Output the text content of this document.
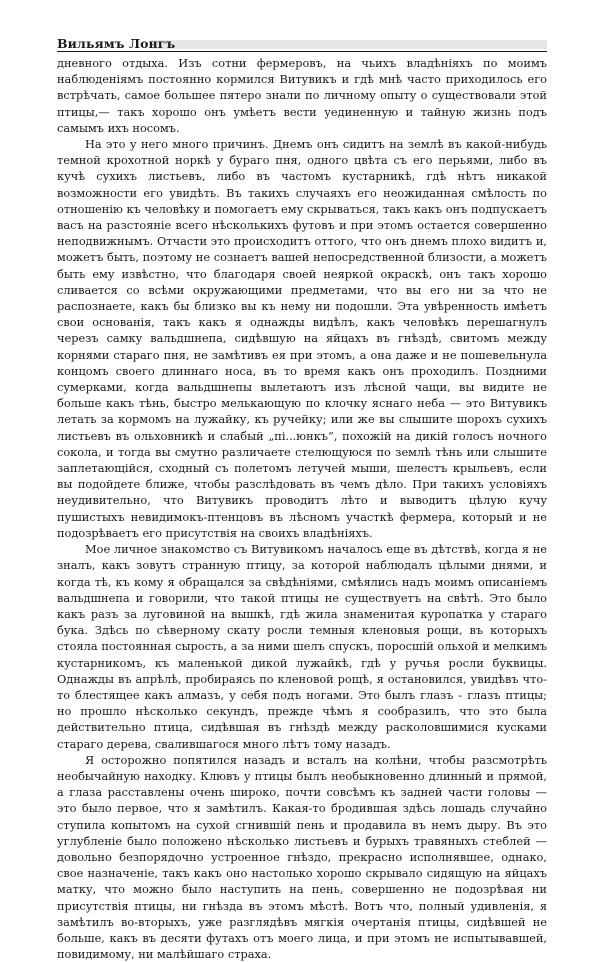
Вильямъ Лонгъ

дневного отдыха. Изъ сотни фермеровъ, на чьихъ владѣніяхъ по моимъ наблюденіямъ постоянно кормился Витувикъ и гдѣ мнѣ часто приходилось его встрѣчать, самое большее пятеро знали по личному опыту о существовали этой птицы,— такъ хорошо онъ умѣетъ вести уединенную и тайную жизнь подъ самымъ ихъ носомъ.

На это у него много причинъ. Днемъ онъ сидитъ на землѣ въ какой-нибудь темной крохотной норкѣ у бураго пня, одного цвѣта съ его перьями, либо въ кучѣ сухихъ листьевъ, либо въ частомъ кустарникѣ, гдѣ нѣтъ никакой возможности его увидѣть. Въ такихъ случаяхъ его неожиданная смѣлость по отношенію къ человѣку и помогаетъ ему скрываться, такъ какъ онъ подпускаетъ васъ на разстояніе всего нѣсколькихъ футовъ и при этомъ остается совершенно неподвижнымъ. Отчасти это происходитъ оттого, что онъ днемъ плохо видитъ и, можетъ быть, поэтому не сознаетъ вашей непосредственной близости, а можетъ быть ему извѣстно, что благодаря своей неяркой окраскѣ, онъ такъ хорошо сливается со всѣми окружающими предметами, что вы его ни за что не распознаете, какъ бы близко вы къ нему ни подошли. Эта увѣренность имѣетъ свои основанія, такъ какъ я однажды видѣлъ, какъ человѣкъ перешагнулъ черезъ самку вальдшнепа, сидѣвшую на яйцахъ въ гнѣздѣ, свитомъ между корнями стараго пня, не замѣтивъ ея при этомъ, а она даже и не пошевельнула концомъ своего длиннаго носа, въ то время какъ онъ проходилъ. Поздними сумерками, когда вальдшнепы вылетаютъ изъ лѣсной чащи, вы видите не больше какъ тѣнь, быстро мелькающую по клочку яснаго неба — это Витувикъ летать за кормомъ на лужайку, къ ручейку; или же вы слышите шорохъ сухихъ листьевъ въ ольховникѣ и слабый „пі...юнкъ“, похожій на дикій голосъ ночного сокола, и тогда вы смутно различаете стелющуюся по землѣ тѣнь или слышите заплетающійся, сходный съ полетомъ летучей мыши, шелестъ крыльевъ, если вы подойдете ближе, чтобы разслѣдовать въ чемъ дѣло. При такихъ условіяхъ неудивительно, что Витувикъ проводитъ лѣто и выводитъ цѣлую кучу пушистыхъ невидимокъ-птенцовъ въ лѣсномъ участкѣ фермера, который и не подозрѣваетъ его присутствія на своихъ владѣніяхъ.

Мое личное знакомство съ Витувикомъ началось еще въ дѣтствѣ, когда я не зналъ, какъ зовутъ странную птицу, за которой наблюдалъ цѣлыми днями, и когда тѣ, къ кому я обращался за свѣдѣніями, смѣялись надъ моимъ описаніемъ вальдшнепа и говорили, что такой птицы не существуетъ на свѣтѣ. Это было какъ разъ за луговиной на вышкѣ, гдѣ жила знаменитая куропатка у стараго бука. Здѣсь по сѣверному скату росли темныя кленовыя рощи, въ которыхъ стояла постоянная сырость, а за ними шелъ спускъ, поросшій ольхой и мелкимъ кустарникомъ, къ маленькой дикой лужайкѣ, гдѣ у ручья росли буквицы. Однажды въ апрѣлѣ, пробираясь по кленовой рощѣ, я остановился, увидѣвъ что-то блестящее какъ алмазъ, у себя подъ ногами. Это былъ глазъ - глазъ птицы; но прошло нѣсколько секундъ, прежде чѣмъ я сообразилъ, что это была действительно птица, сидѣвшая въ гнѣздѣ между расколовшимися кусками стараго дерева, свалившагося много лѣтъ тому назадъ.

Я осторожно попятился назадъ и всталъ на колѣни, чтобы разсмотрѣть необычайную находку. Клювъ у птицы былъ необыкновенно длинный и прямой, а глаза расставлены очень широко, почти совсѣмъ къ задней части головы — это было первое, что я замѣтилъ. Какая-то бродившая здѣсь лошадь случайно ступила копытомъ на сухой сгнившій пень и продавила въ немъ дыру. Въ это углубленіе было положено нѣсколько листьевъ и бурыхъ травяныхъ стеблей — довольно безпорядочно устроенное гнѣздо, прекрасно исполнявшее, однако, свое назначеніе, такъ какъ оно настолько хорошо скрывало сидящую на яйцахъ матку, что можно было наступить на пень, совершенно не подозрѣвая ни присутствія птицы, ни гнѣзда въ этомъ мѣстѣ. Вотъ что, полный удивленія, я замѣтилъ во-вторыхъ, уже разглядѣвъ мягкія очертанія птицы, сидѣвшей не больше, какъ въ десяти футахъ отъ моего лица, и при этомъ не испытывавшей, повидимому, ни малѣйшаго страха.
